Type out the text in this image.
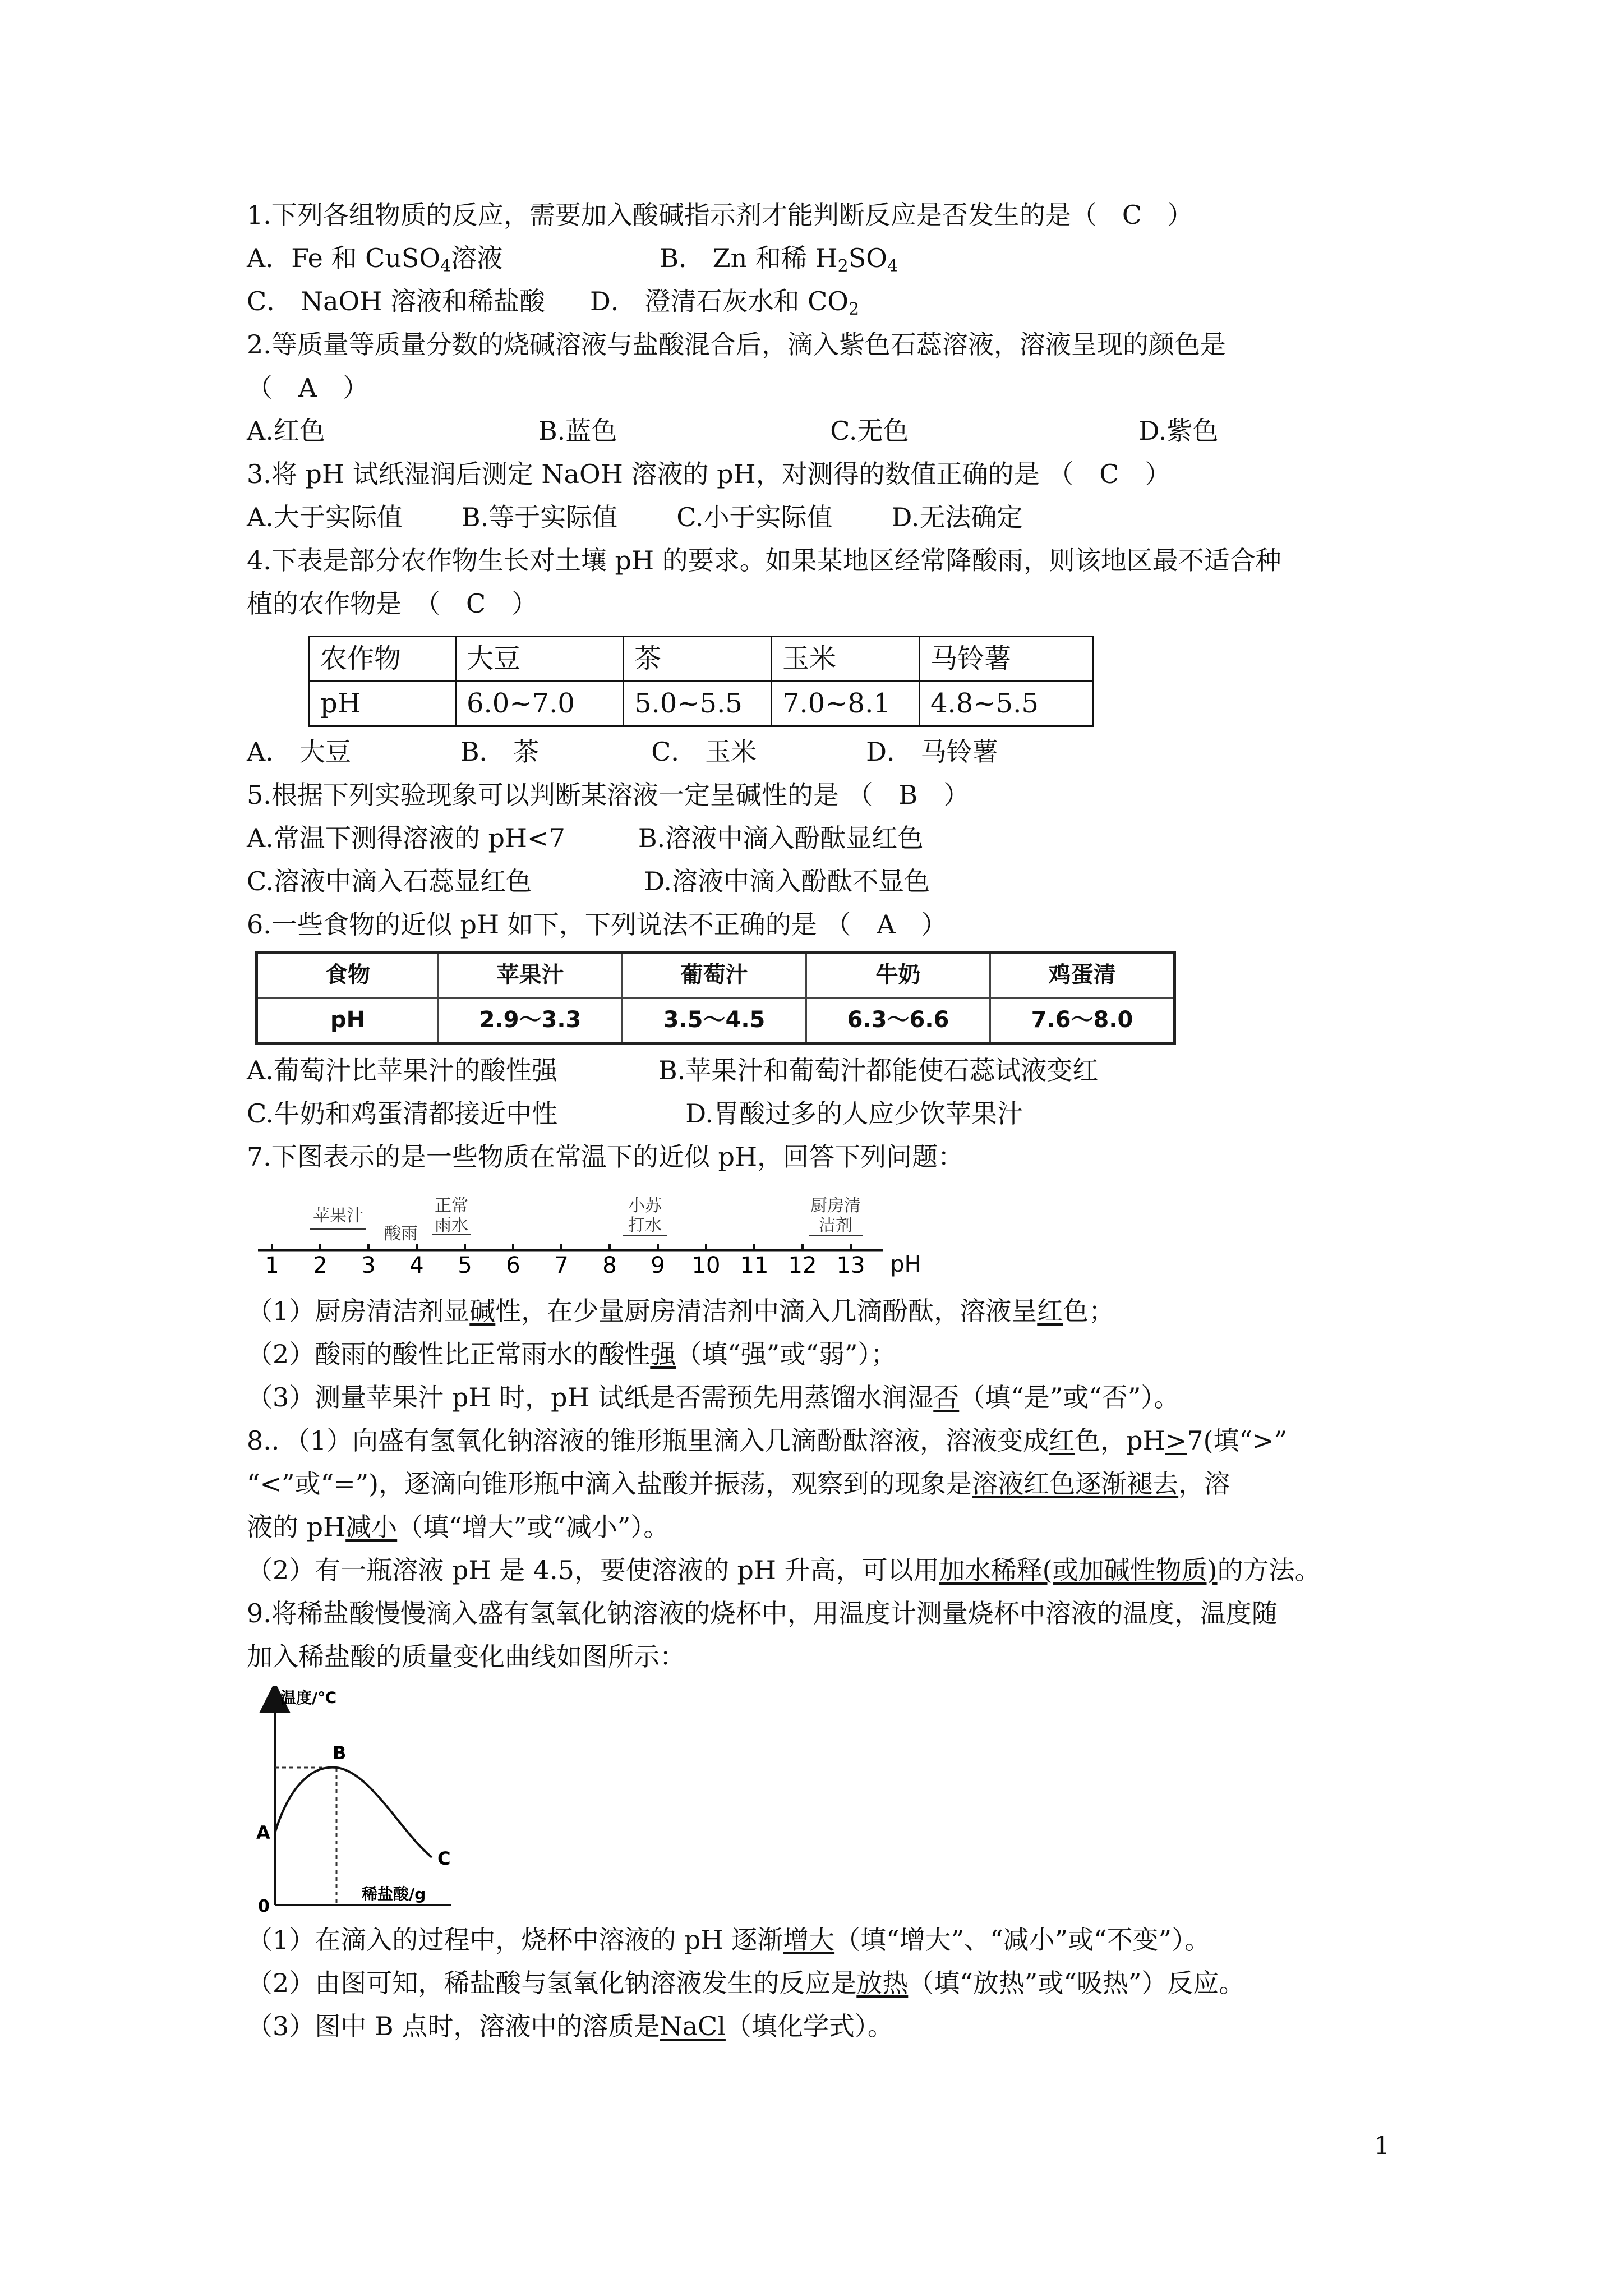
1.下列各组物质的反应，需要加入酸碱指示剂才能判断反应是否发生的是（ C ）
A．Fe 和 CuSO$_4$溶液	B． Zn 和稀 $H_2SO_4$
C． NaOH 溶液和稀盐酸 D． 澄清石灰水和 $CO_2$
2.等质量等质量分数的烧碱溶液与盐酸混合后，滴入紫色石蕊溶液，溶液呈现的颜色是
（　A　）
A.红色	B.蓝色	C.无色	D.紫色
3.将 pH 试纸湿润后测定 NaOH 溶液的 pH，对测得的数值正确的是 （　C　）
A.大于实际值 B.等于实际值 C.小于实际值 D.无法确定
4.下表是部分农作物生长对土壤 pH 的要求。如果某地区经常降酸雨，则该地区最不适合种
植的农作物是　（　C　）
农作物	大豆	茶	玉米	马铃薯
pH	6.0~7.0	5.0~5.5	7.0~8.1	4.8~5.5
A． 大豆	B． 茶	C． 玉米	D． 马铃薯
5.根据下列实验现象可以判断某溶液一定呈碱性的是 （　B　）
A.常温下测得溶液的 pH<7	B.溶液中滴入酚酞显红色
C.溶液中滴入石蕊显红色	D.溶液中滴入酚酞不显色
6.一些食物的近似 pH 如下，下列说法不正确的是 （　A　）
食物	苹果汁	葡萄汁	牛奶	鸡蛋清
pH	2.9～3.3	3.5～4.5	6.3～6.6	7.6～8.0
A.葡萄汁比苹果汁的酸性强	B.苹果汁和葡萄汁都能使石蕊试液变红
C.牛奶和鸡蛋清都接近中性	D.胃酸过多的人应少饮苹果汁
7.下图表示的是一些物质在常温下的近似 pH，回答下列问题：
苹果汁
酸雨
正常
雨水
小苏
打水
厨房清
洁剂
1 2 3 4 5 6 7 8 9 10 11 12 13 pH
（1）厨房清洁剂显碱性，在少量厨房清洁剂中滴入几滴酚酞，溶液呈红色；
（2）酸雨的酸性比正常雨水的酸性强（填“强”或“弱”）；
（3）测量苹果汁 pH 时，pH 试纸是否需预先用蒸馏水润湿否（填“是”或“否”）。
8.．（1）向盛有氢氧化钠溶液的锥形瓶里滴入几滴酚酞溶液，溶液变成红色，pH>7(填“>”
“<”或“=”)，逐滴向锥形瓶中滴入盐酸并振荡，观察到的现象是溶液红色逐渐褪去，溶
液的 pH减小（填“增大”或“减小”）。
（2）有一瓶溶液 pH 是 4.5，要使溶液的 pH 升高，可以用加水稀释(或加碱性物质)的方法。
9.将稀盐酸慢慢滴入盛有氢氧化钠溶液的烧杯中，用温度计测量烧杯中溶液的温度，温度随
加入稀盐酸的质量变化曲线如图所示：
温度/℃
稀盐酸/g
0
A
B
C
（1）在滴入的过程中，烧杯中溶液的 pH 逐渐增大（填“增大”、“减小”或“不变”）。
（2）由图可知，稀盐酸与氢氧化钠溶液发生的反应是放热（填“放热”或“吸热”）反应。
（3）图中 B 点时，溶液中的溶质是NaCl（填化学式）。
1
